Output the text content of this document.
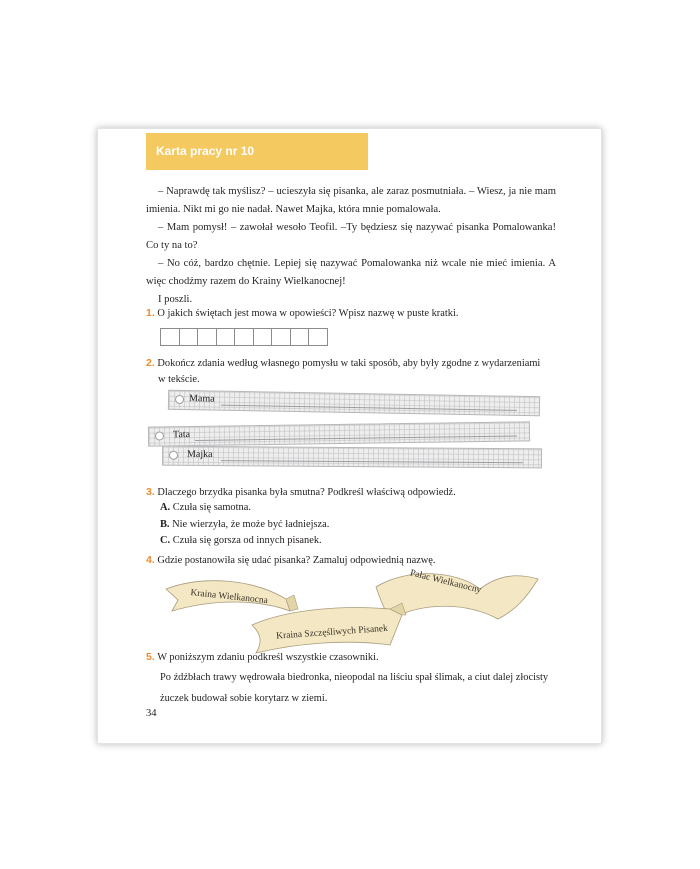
Karta pracy nr 10

– Naprawdę tak myślisz? – ucieszyła się pisanka, ale zaraz posmutniała. – Wiesz, ja nie mam imienia. Nikt mi go nie nadał. Nawet Majka, która mnie pomalowała.

– Mam pomysł! – zawołał wesoło Teofil. –Ty będziesz się nazywać pisanka Pomalowanka! Co ty na to?

– No cóż, bardzo chętnie. Lepiej się nazywać Pomalowanka niż wcale nie mieć imienia. A więc chodźmy razem do Krainy Wielkanocnej!

I poszli.

1. O jakich świętach jest mowa w opowieści? Wpisz nazwę w puste kratki.
2. Dokończ zdania według własnego pomysłu w taki sposób, aby były zgodne z wydarzeniami
w tekście.
Mama
Tata
Majka
3. Dlaczego brzydka pisanka była smutna? Podkreśl właściwą odpowiedź.
A. Czuła się samotna.
B. Nie wierzyła, że może być ładniejsza.
C. Czuła się gorsza od innych pisanek.
4. Gdzie postanowiła się udać pisanka? Zamaluj odpowiednią nazwę.
Kraina Wielkanocna
Pałac Wielkanocny
Kraina Szczęśliwych Pisanek
5. W poniższym zdaniu podkreśl wszystkie czasowniki.
Po źdźbłach trawy wędrowała biedronka, nieopodal na liściu spał ślimak, a ciut dalej złocisty
żuczek budował sobie korytarz w ziemi.
34
